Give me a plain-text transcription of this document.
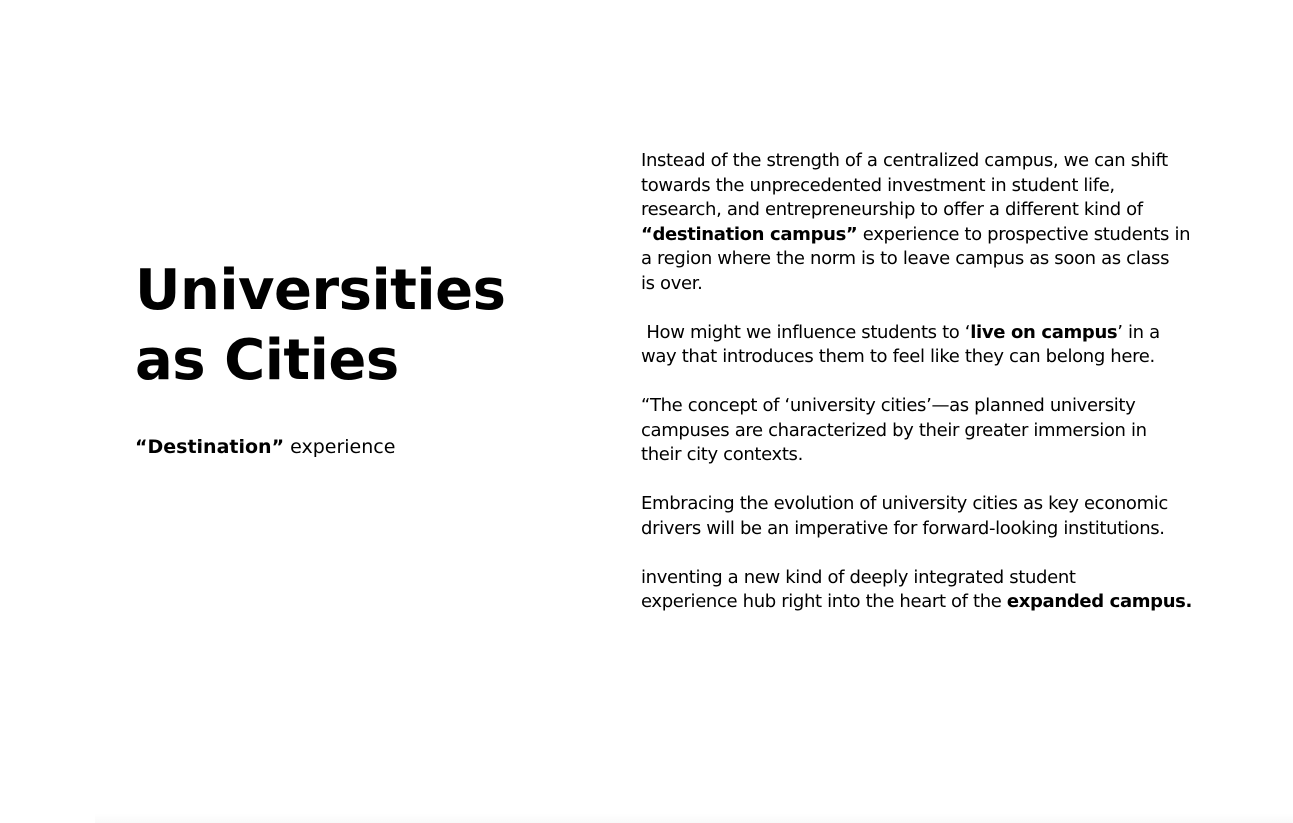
Universities
as Cities
“Destination” experience

Instead of the strength of a centralized campus, we can shift
towards the unprecedented investment in student life,
research, and entrepreneurship to offer a different kind of
“destination campus” experience to prospective students in
a region where the norm is to leave campus as soon as class
is over.

How might we influence students to ‘live on campus’ in a
way that introduces them to feel like they can belong here.

“The concept of ‘university cities’—as planned university
campuses are characterized by their greater immersion in
their city contexts.

Embracing the evolution of university cities as key economic
drivers will be an imperative for forward-looking institutions.

inventing a new kind of deeply integrated student
experience hub right into the heart of the expanded campus.
